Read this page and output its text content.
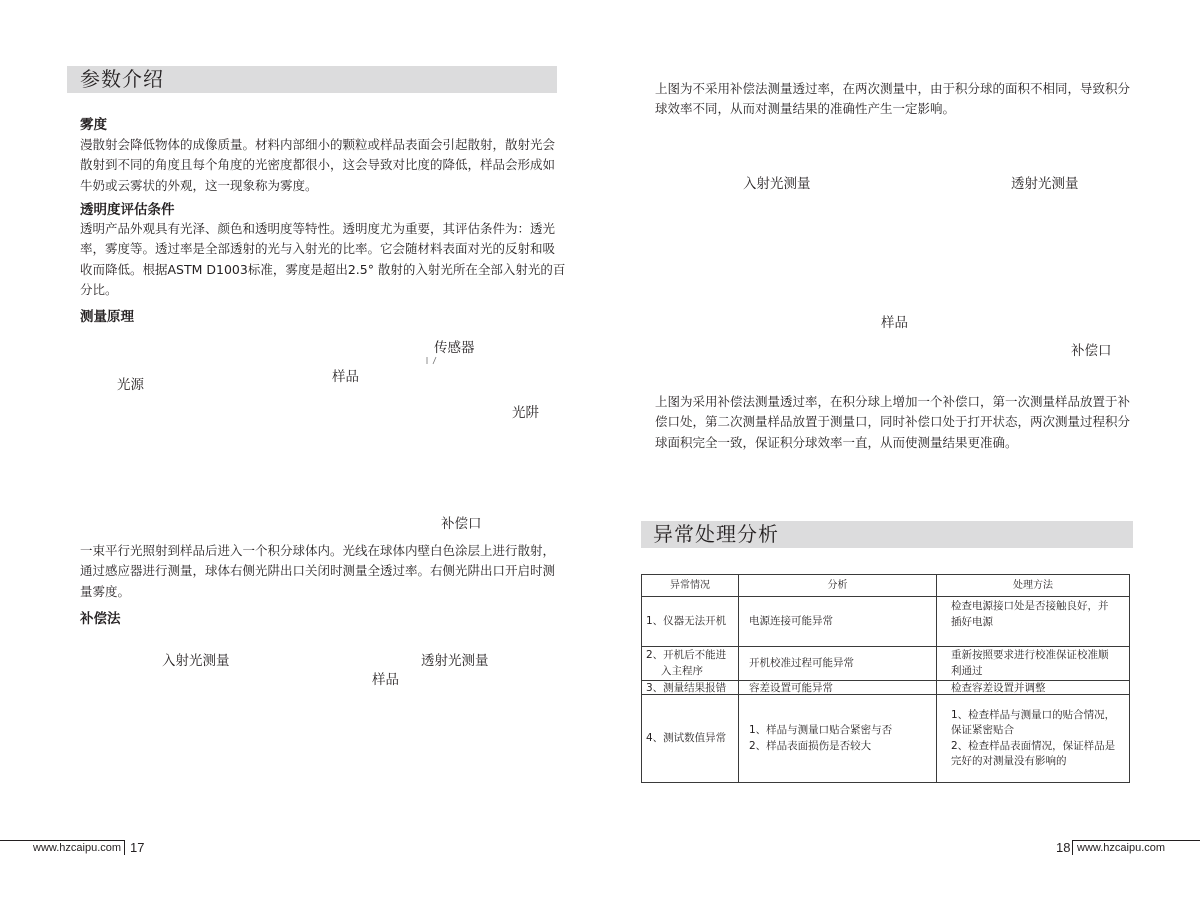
参数介绍
雾度
漫散射会降低物体的成像质量。材料内部细小的颗粒或样品表面会引起散射，散射光会
散射到不同的角度且每个角度的光密度都很小，这会导致对比度的降低，样品会形成如
牛奶或云雾状的外观，这一现象称为雾度。
透明度评估条件
透明产品外观具有光泽、颜色和透明度等特性。透明度尤为重要，其评估条件为：透光
率，雾度等。透过率是全部透射的光与入射光的比率。它会随材料表面对光的反射和吸
收而降低。根据ASTM D1003标准，雾度是超出2.5° 散射的入射光所在全部入射光的百
分比。
测量原理
传感器
样品
光源
光阱
补偿口
一束平行光照射到样品后进入一个积分球体内。光线在球体内壁白色涂层上进行散射，
通过感应器进行测量，球体右侧光阱出口关闭时测量全透过率。右侧光阱出口开启时测
量雾度。
补偿法
入射光测量	透射光测量
样品
www.hzcaipu.com 17
上图为不采用补偿法测量透过率，在两次测量中，由于积分球的面积不相同，导致积分
球效率不同，从而对测量结果的准确性产生一定影响。
入射光测量	透射光测量
样品
补偿口
上图为采用补偿法测量透过率，在积分球上增加一个补偿口，第一次测量样品放置于补
偿口处，第二次测量样品放置于测量口，同时补偿口处于打开状态，两次测量过程积分
球面积完全一致，保证积分球效率一直，从而使测量结果更准确。
异常处理分析
异常情况	分析	处理方法

1、仪器无法开机	电源连接可能异常	检查电源接口处是否接触良好，并
插好电源

2、开机后不能进
入主程序	开机校准过程可能异常	重新按照要求进行校准保证校准顺
利通过

3、测量结果报错	容差设置可能异常	检查容差设置并调整

4、测试数值异常	1、样品与测量口贴合紧密与否
2、样品表面损伤是否较大	1、检查样品与测量口的贴合情况，
保证紧密贴合
2、检查样品表面情况，保证样品是
完好的对测量没有影响的
18 www.hzcaipu.com
